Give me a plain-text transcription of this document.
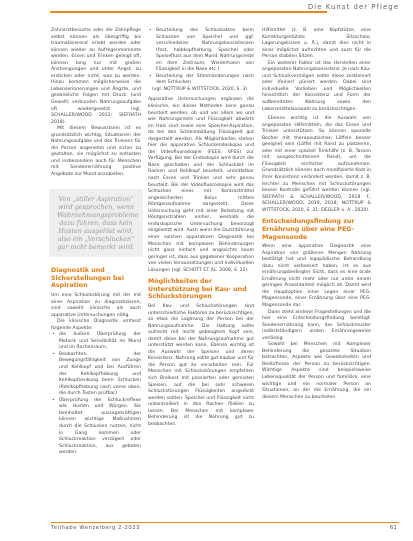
Die Kunst der Pflege

Zahnarztbesuche oder die Zahnpflege selbst können als übergriffig bis traumatisierend erlebt werden oder können wieder an Aufregenmomente werden. Essen und Trinken gelingt oft, können lang nur mit großen Anstrengungen und unter Angst, zu ersticken oder nicht, was zu werden. Hinzu kommen möglicherweise die Lebenserinnerungen und Ängste, und gedankliche Folgen mit Druck (und Gewalt) verbunden Nahrungsaufgabe oft wiedergesetzt (vgl. SCHALLER/WOOD 2012; SIEFRATH 2018).

Mit diesem Bewusstsein ist es grundsätzlich wichtig, Situationen der Nahrungsaufgabe und des Trinkens für die Person angenehm und sicher zu gestalten, sie möglichst zu entlasten und insbesondere auch für Menschen mit Sondenernährung positive Angebote zur Mund anzubieten.

Von „stiller Aspiration“ wird gesprochen, wenn Wahrnehmungsprobleme dazu führen, dass kein Husten ausgelöst wird, also ein „Verschlucken“ gar nicht bemerkt wird.
Diagnostik und Sicherstellungen bei Aspiration

Um eine Schluckstörung mit der mit einer Aspiration zu diagnostizieren, sind sowohl klinische als auch apparative Untersuchungen nötig.

Die klinische Diagnostik umfasst folgende Aspekte:

• die äußere Überprüfung der Motorik und Sensibilität im Mund und im Rachenraum,
• Beobachten der Bewegungsfähigkeit von Zunge und Kehlkopf und bei Ausführen der Kehlkopfhebung und Kehlkopfsenkung beim Schlucken (Kehlkopfhebung nach vorne oben, die durch Tasten prüfbar)
• Überprüfung der Schluckreflexe wie Husten und Würgen. Sie beinhaltet aussagekräftigen können wichtige Maßnahmen durch die Schlucken nutzen, nicht in Gang kommen oder Schluckreaktion verzögert oder Schluckreaktion, aus gebeten werden.
• Beurteilung des Schluckaktes beim Schlucken von Speichel und ggf. verschiedener Nahrungskonsistenzen (fest, halbkopfhaltung, Speichel oder Speisefluss aus dem Mund, Nahrungsreste im dem Zeitraum, Wiederholen von Flüssigkeit in die Nase etc.)
• Beurteilung der Stimmänderungen nach dem Schlucken

(vgl. NOTTRUP & WITTSTOCK, 2020, S. 3)

Apparative Untersuchungen ergänzen die klinische, ein dieser Methoden kann genau beurteilt werden, ob und vor allem wo und wie Nahrungsreste und Flüssigkeit abwärts im Hals sind sowie eine Speichel-Aspiration, da bei den Schleimbildung Flüssigkeit gut dargestellt werden. Als Möglichkeiten stehen hier die apparative Schluckendoskopie und die Videofluoroskopie (FEES, VFSS) zur Verfügung. Bei der Endoskopie wird durch die Nase geschoben und der Schluckakt im Rachen und Kehlkopf beurteilt, unmittelbar nach Essen und Trinken und sehr genau beurteilt. Bei der Videofluoroskopie wird das Schlucken eines mit Kontrastmittel angereicherten Bolus mittels Röntgenaufnahme dargestellt. Diese Untersuchung geht mit einer Belastung mit Röntgenstrahlen einher, weshalb die endoskopische Untersuchung bevorzugt eingesetzt wird. Auch wenn die Durchführung einer solchen apparativen Diagnostik bei Menschen mit komplexen Behinderungen nicht ganz einfach und angesichts kaum geringer ist, dass aus gegebener Kooperation von vielen Voraussetzungen und individuellen Lösungen (vgl. SCHOTT ET AL. 2008, S. 22).

Möglichkeiten der Unterstützung bei Kau- und Schluckstörungen

Bei Kau- und Schluckstörungen sind unterschiedliche Faktoren zu berücksichtigen, so etwa die Lagerung der Person bei der Nahrungsaufnahme. Die Haltung sollte aufrecht mit leicht gebeugtem Kopf sein, damit diese bei der Nahrungsaufnahme gut unterstützt werden kann. Ebenso wichtig ist die Auswahl der Speisen und deren Konsistenz. Nahrung sollte gut kaubar und für die Person gut zu verarbeiten sein. Für Menschen mit Schluckstörungen empfehlen sich Breikost mit passierten oder gemixten Speisen, auf die bei sehr schweren Schluckstörungen Flüssigkeiten angedickt werden sollten. Speichel und Flüssigkeit nicht unkontrolliert in den Rachen fließen zu lassen. Bei Menschen mit komplexer Behinderung ist die Nahrung gut zu beobachten.

Hilfsmittel (z. B. eine Kopfstütze, eine Korrekturgestützte Sitzschale, Lagerungskissen u. Ä.), damit dies nicht in einer möglichst aufrechten und auch für die Person stabilen Sitzen.

Ein weiterer Faktor ist das Herstellen einer angepassten Nahrungskonsistenz. Je nach Kau- und Schluckvermögen sollte diese zerkleinert oder (feiner) püriert werden. Dabei sind individuelle Vorlieben und Möglichkeiten hinsichtlich der Konsistenz und Form der aufbereiteten Nahrung sowie den Lebensmittelauswahl zu berücksichtigen.

Ebenso wichtig ist die Auswahl von angepassten Hilfsmitteln, die das Essen und Trinken unterstützen. So können spezielle Becher mit therapeutischen Löffeln besser geeignet sein (Löffel mit Rand zu platzieren, oder mit einer speziell Trinkhilfe (z. B. Tassen mit ausgeschnittenem Rand), um die Flüssigkeit einfacher aufzunehmen. Grundsätzlich können auch modifizierte Kost in ihrer Konsistenz verändert werden, damit z. B. leichter zu Menschen mit Schluckstörungen besser Kontrolle geführt werden können (vgl. SIEFRATH & SCHALLER/WOOD, 2018 f.; SCHALLER/WOOD, 2019, 2018; NOTTRUP & WITTSTOCK, 2020, S. 31; DEGLER u. A., 2020).

Entscheidungsfindung zur Ernährung über eine PEG-Magensonde

Wenn eine apparative Diagnostik eine Aspiration von größeren Mengen Nahrung bestätigt hat und logopädische Behandlung dazu nicht verbessert haben, ist es aus ernährungsbedingter Sicht, dass es eine orale Ernährung nicht mehr oder nur unter einem geringen Prozentanteil möglich ist. Damit wird die Hauptoption einer Legen einer PEG-Magensonde, einer Ernährung über eine PEG-Magensonde dar.

Dann steht anderer Fragestellungen und die hier eine Entscheidungsfindung benötigt. Sondenernährung kann, das Schluckmuster (selbstständigen) oralen Ernährungsweise verlässig.

Sowohl bei Menschen mit Komplexer Behinderung die gesamte Situation betrachten, Aspekte wie Gewohnheiten und Bedürfnisse der Person zu berücksichtigen. Wichtige Aspekte sind beispielsweise Lebensqualität der Person und familiäre, eine wichtige und ein normaler Person an Situationen, an der die Ernährung, die ein diesem Menschen zu beurteilen.

Teilhabe Wenzelberg 2-2023	61
